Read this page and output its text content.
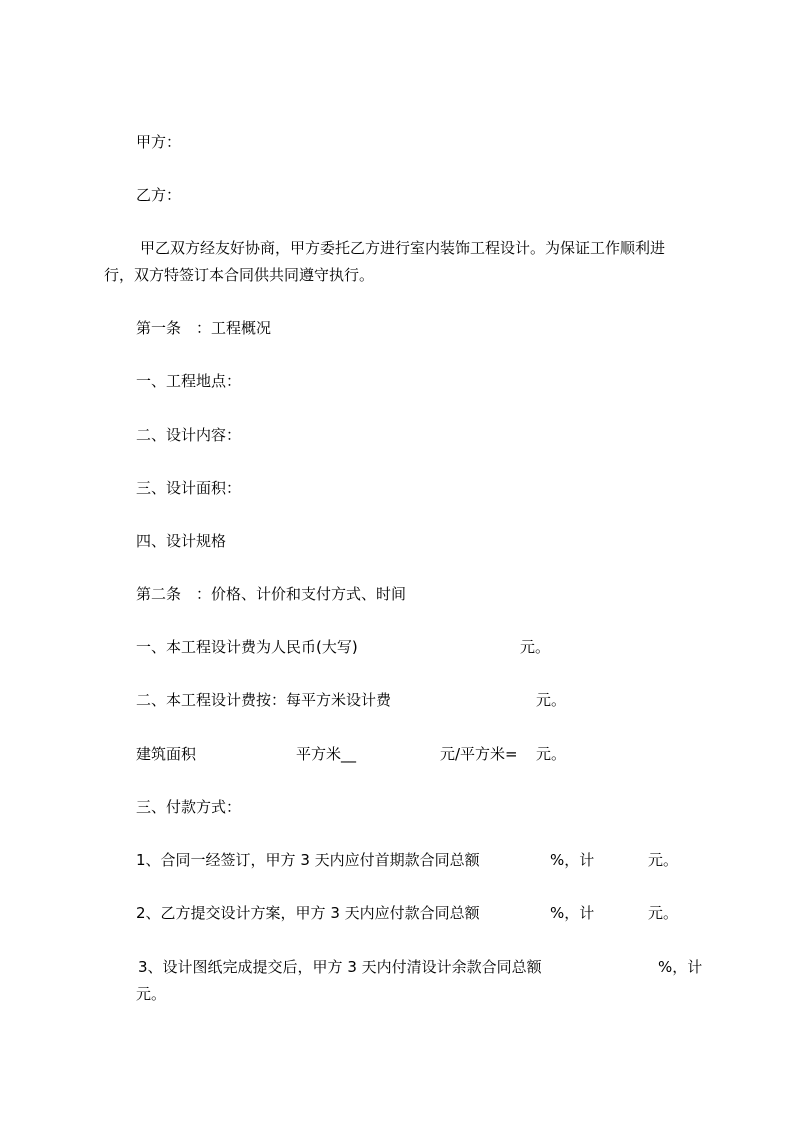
甲方：
乙方：
甲乙双方经友好协商，甲方委托乙方进行室内装饰工程设计。为保证工作顺利进
行，双方特签订本合同供共同遵守执行。
第一条　：工程概况
一、工程地点：
二、设计内容：
三、设计面积：
四、设计规格
第二条　：价格、计价和支付方式、时间
一、本工程设计费为人民币(大写)	元。
二、本工程设计费按：每平方米设计费	元。
建筑面积	平方米__	元/平方米= 元。
三、付款方式：
1、合同一经签订，甲方 3 天内应付首期款合同总额	%，计	元。
2、乙方提交设计方案，甲方 3 天内应付款合同总额	%，计	元。
3、设计图纸完成提交后，甲方 3 天内付清设计余款合同总额	%，计
元。
